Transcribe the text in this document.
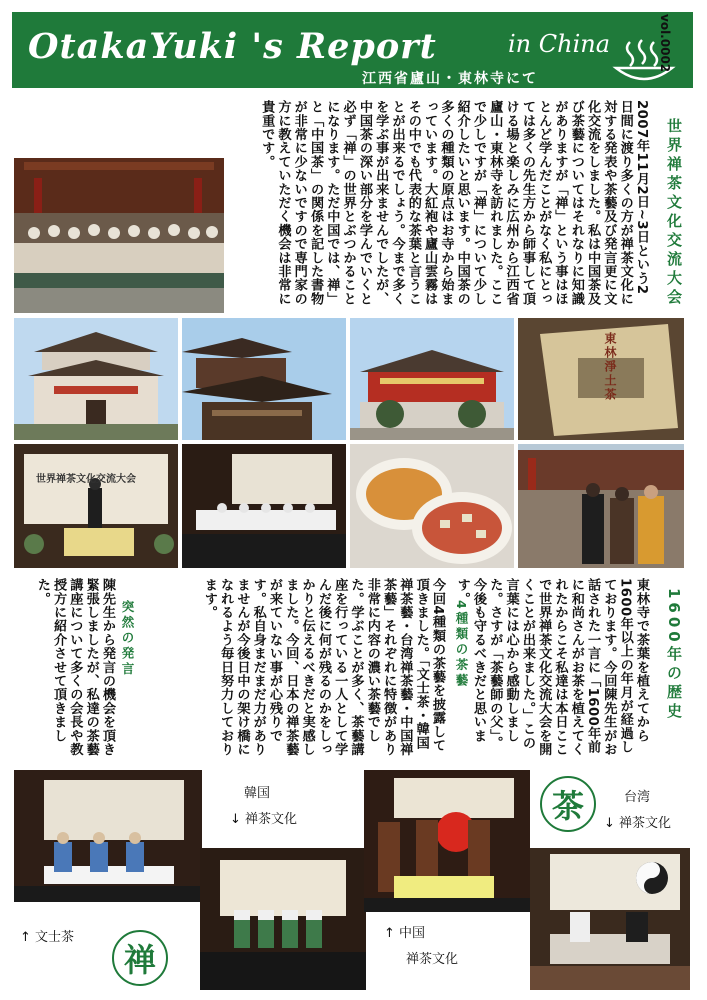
OtakaYuki 's Report	in China
江西省廬山・東林寺にて
vol.0002
世界禅茶文化交流大会
2007年11月2日~3日という2日間に渡り多くの方が禅茶文化に対する発表や茶藝及び発言更に文化交流をしました。私は中国茶及び茶藝についてはそれなりに知識がありますが「禅」という事はほとんど学んだことがなく私にとっては多くの先生方から師事して頂ける場と楽しみに広州から江西省廬山・東林寺を訪れました。ここで少しですが「禅」について少し紹介したいと思います。中国茶の多くの種類の原点はお寺から始まっています。大紅袍や廬山雲霧はその中でも代表的な茶葉と言うことが出来るでしょう。今まで多くを学ぶ事が出来ませんでしたが、中国茶の深い部分を学んでいくと必ず「禅」の世界とぶつかることになります。ただ中国では、禅」と「中国茶」の関係を記した書物が非常に少ないですので専門家の方に教えていただく機会は非常に貴重です。
東林淨土茶
世界禅茶文化交流大会
1600年の歴史
東林寺で茶葉を植えてから1600年以上の年月が経過しております。今回陳先生がお話された一言に「1600年前に和尚さんがお茶を植えてくれたからこそ私達は本日ここで世界禅茶文化交流大会を開くことが出来ました。」この言葉には心から感動しました。さすが「茶藝師の父」。今後も守るべきだと思います。
4種類の茶藝
今回4種類の茶藝を披露して頂きました。「文士茶・韓国禅茶藝・台湾禅茶藝・中国禅茶藝」それぞれに特徴があり非常に内容の濃い茶藝でした。学ぶことが多く、茶藝講座を行っている一人として学んだ後に何が残るのかをしっかりと伝えるべきだと実感しました。今回、日本の禅茶藝が来ていない事が心残りです。私自身まだまだ力がありませんが今後日中の架け橋になれるよう毎日努力しております。
突然の発言
陳先生から発言の機会を頂き緊張しましたが、私達の茶藝講座について多くの会長や教授方に紹介させて頂きました。
韓国
↓ 禅茶文化	茶	台湾
↓ 禅茶文化
↑ 文士茶
禅
↑ 中国
禅茶文化
